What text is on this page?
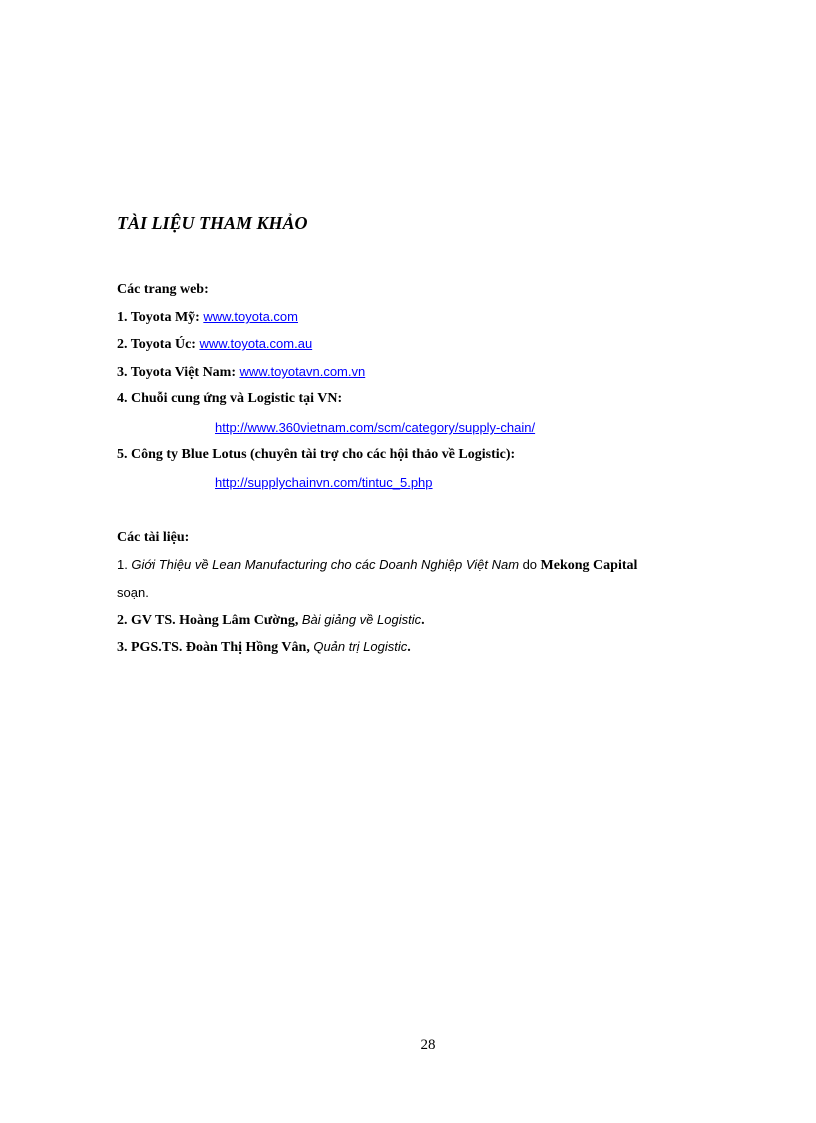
TÀI LIỆU THAM KHẢO
Các trang web:
1. Toyota Mỹ: www.toyota.com
2. Toyota Úc: www.toyota.com.au
3. Toyota Việt Nam: www.toyotavn.com.vn
4. Chuỗi cung ứng và Logistic tại VN:
http://www.360vietnam.com/scm/category/supply-chain/
5. Công ty Blue Lotus (chuyên tài trợ cho các hội thảo về Logistic):
http://supplychainvn.com/tintuc_5.php
Các tài liệu:
1. Giới Thiệu về Lean Manufacturing cho các Doanh Nghiệp Việt Nam do Mekong Capital
soạn.
2. GV TS. Hoàng Lâm Cường, Bài giảng về Logistic.
3. PGS.TS. Đoàn Thị Hồng Vân, Quản trị Logistic.
28
